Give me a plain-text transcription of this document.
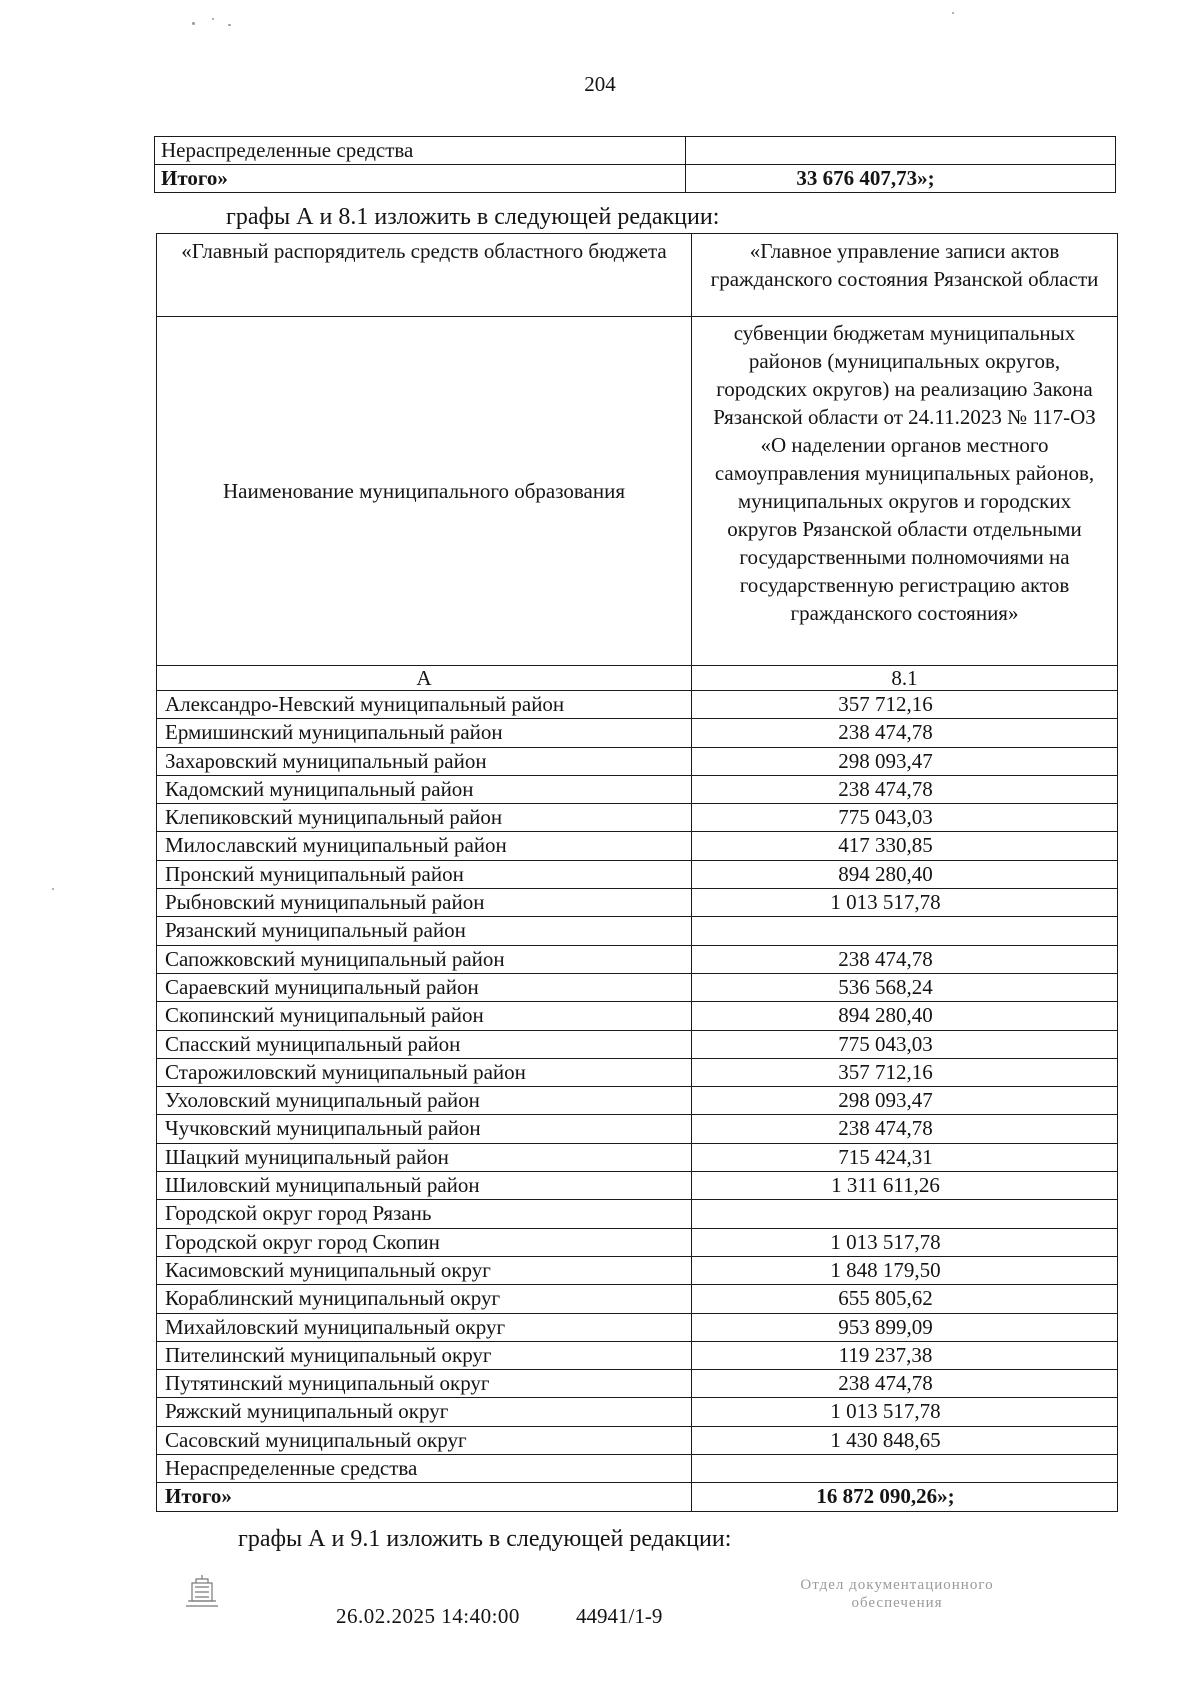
204
Нераспределенные средства	
Итого»	33 676 407,73»;
графы А и 8.1 изложить в следующей редакции:
«Главный распорядитель средств областного бюджета	«Главное управление записи актов гражданского состояния Рязанской области
Наименование муниципального образования	субвенции бюджетам муниципальных районов (муниципальных округов, городских округов) на реализацию Закона Рязанской области от 24.11.2023 № 117-ОЗ «О наделении органов местного самоуправления муниципальных районов, муниципальных округов и городских округов Рязанской области отдельными государственными полномочиями на государственную регистрацию актов гражданского состояния»
А	8.1
Александро-Невский муниципальный район	357 712,16
Ермишинский муниципальный район	238 474,78
Захаровский муниципальный район	298 093,47
Кадомский муниципальный район	238 474,78
Клепиковский муниципальный район	775 043,03
Милославский муниципальный район	417 330,85
Пронский муниципальный район	894 280,40
Рыбновский муниципальный район	1 013 517,78
Рязанский муниципальный район	
Сапожковский муниципальный район	238 474,78
Сараевский муниципальный район	536 568,24
Скопинский муниципальный район	894 280,40
Спасский муниципальный район	775 043,03
Старожиловский муниципальный район	357 712,16
Ухоловский муниципальный район	298 093,47
Чучковский муниципальный район	238 474,78
Шацкий муниципальный район	715 424,31
Шиловский муниципальный район	1 311 611,26
Городской округ город Рязань	
Городской округ город Скопин	1 013 517,78
Касимовский муниципальный округ	1 848 179,50
Кораблинский муниципальный округ	655 805,62
Михайловский муниципальный округ	953 899,09
Пителинский муниципальный округ	119 237,38
Путятинский муниципальный округ	238 474,78
Ряжский муниципальный округ	1 013 517,78
Сасовский муниципальный округ	1 430 848,65
Нераспределенные средства	
Итого»	16 872 090,26»;
графы А и 9.1 изложить в следующей редакции:
26.02.2025 14:40:00	44941/1-9
Отдел документационного
обеспечения
